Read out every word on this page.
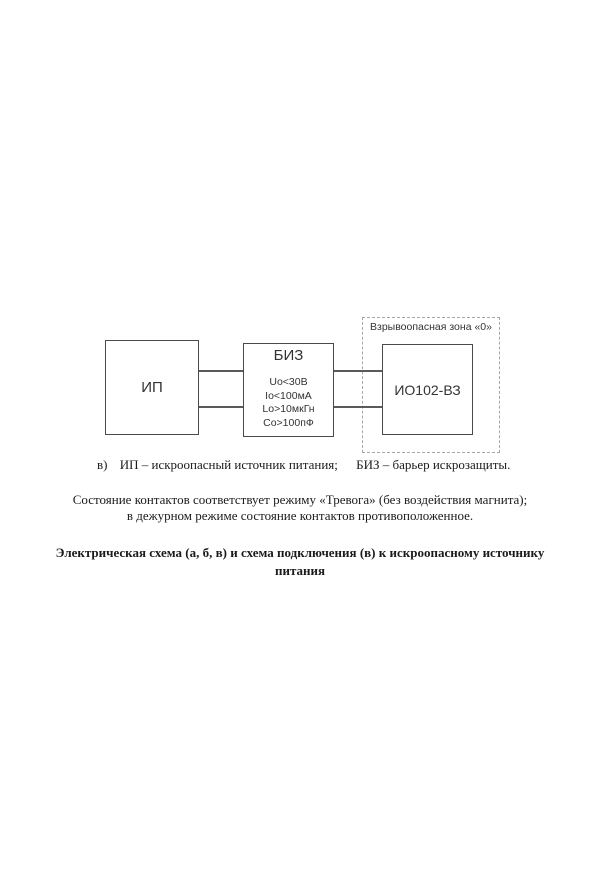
Взрывоопасная зона «0»
ИП
БИЗ
Uo<30В
Io<100мА
Lo>10мкГн
Co>100пФ
ИО102-ВЗ
в) ИП – искроопасный источник питания; БИЗ – барьер искрозащиты.
Состояние контактов соответствует режиму «Тревога» (без воздействия магнита);
в дежурном режиме состояние контактов противоположенное.
Электрическая схема (а, б, в) и схема подключения (в) к искроопасному источнику
питания
